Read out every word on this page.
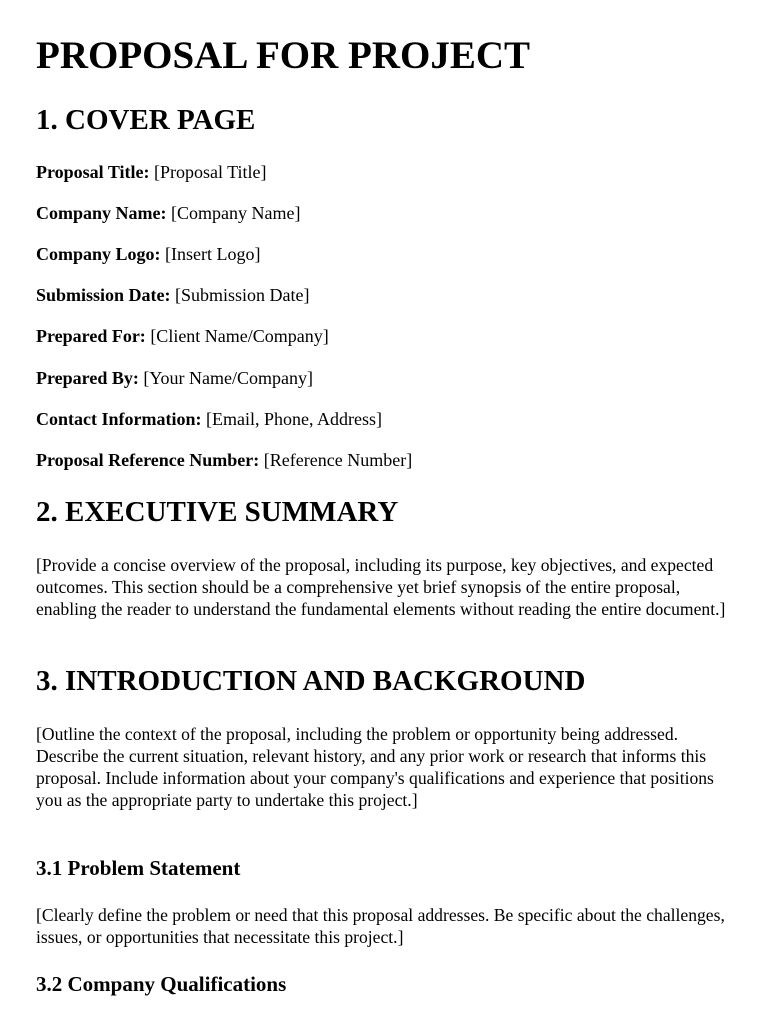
PROPOSAL FOR PROJECT
1. COVER PAGE

Proposal Title: [Proposal Title]

Company Name: [Company Name]

Company Logo: [Insert Logo]

Submission Date: [Submission Date]

Prepared For: [Client Name/Company]

Prepared By: [Your Name/Company]

Contact Information: [Email, Phone, Address]

Proposal Reference Number: [Reference Number]

2. EXECUTIVE SUMMARY

[Provide a concise overview of the proposal, including its purpose, key objectives, and expected outcomes. This section should be a comprehensive yet brief synopsis of the entire proposal, enabling the reader to understand the fundamental elements without reading the entire document.]

3. INTRODUCTION AND BACKGROUND

[Outline the context of the proposal, including the problem or opportunity being addressed. Describe the current situation, relevant history, and any prior work or research that informs this proposal. Include information about your company's qualifications and experience that positions you as the appropriate party to undertake this project.]

3.1 Problem Statement

[Clearly define the problem or need that this proposal addresses. Be specific about the challenges, issues, or opportunities that necessitate this project.]

3.2 Company Qualifications
